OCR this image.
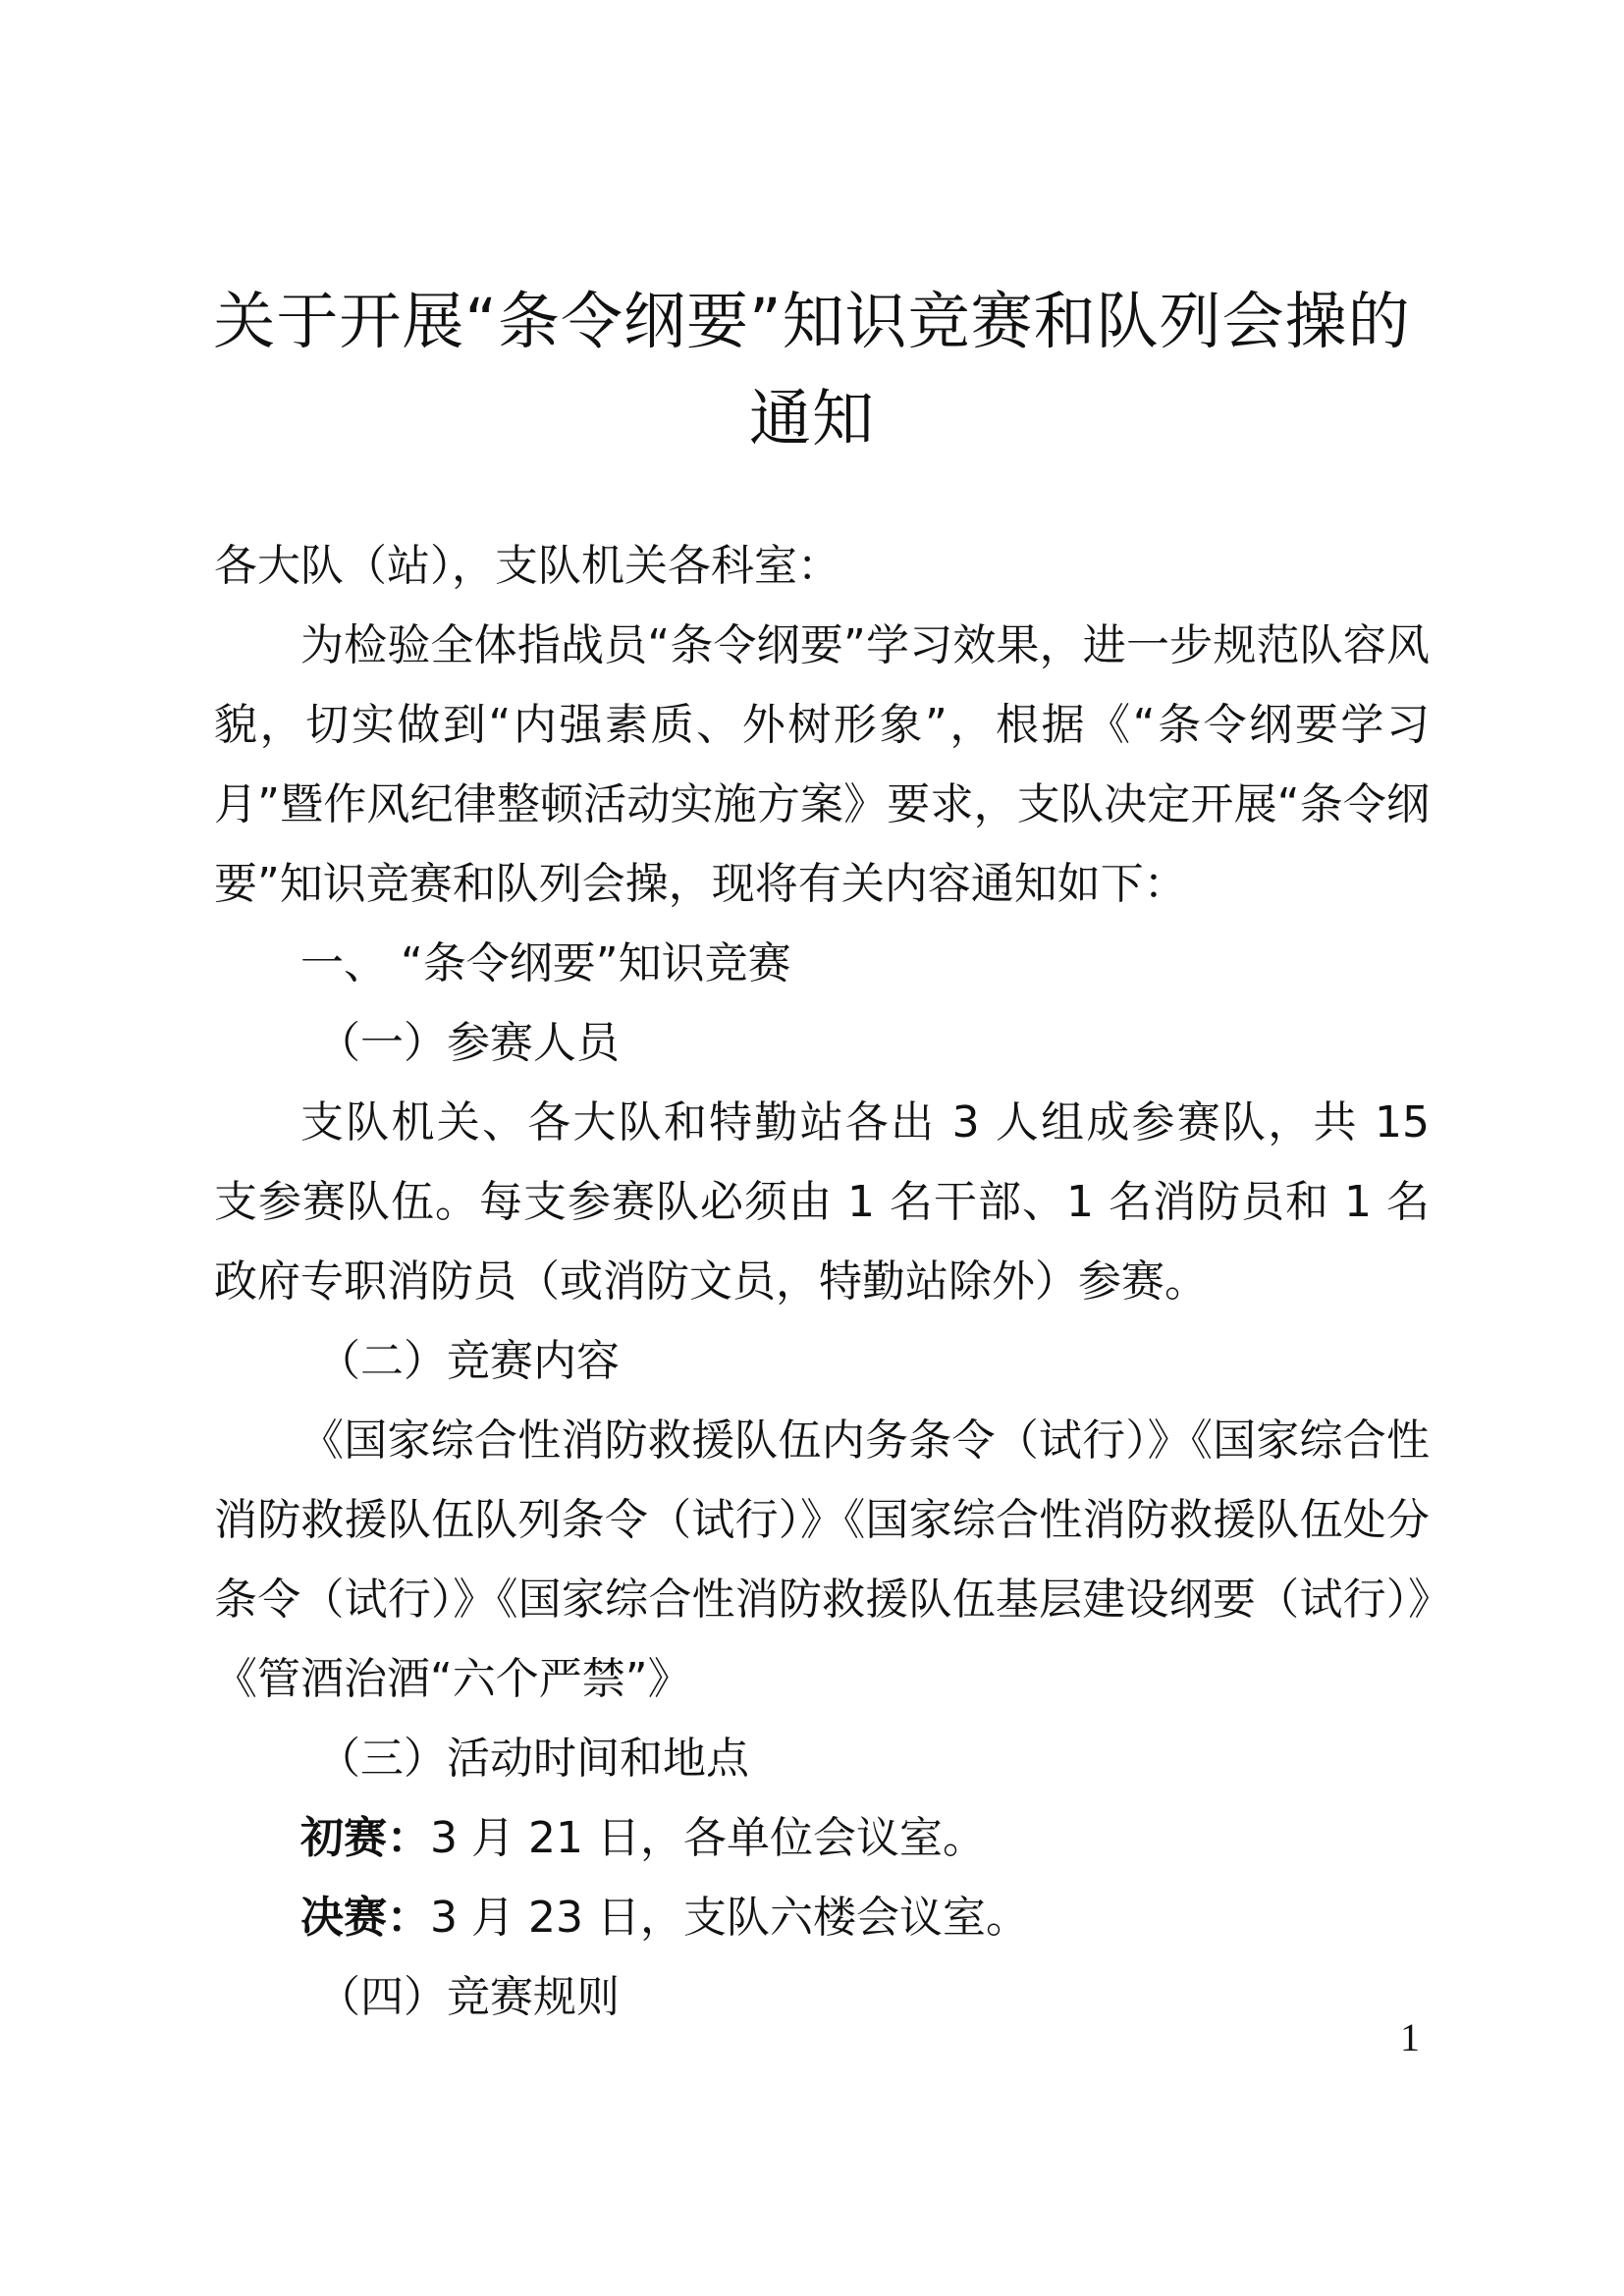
关于开展“条令纲要”知识竞赛和队列会操的
通知

各大队（站），支队机关各科室：

为检验全体指战员“条令纲要”学习效果，进一步规范队容风貌，切实做到“内强素质、外树形象”，根据《“条令纲要学习月”暨作风纪律整顿活动实施方案》要求，支队决定开展“条令纲要”知识竞赛和队列会操，现将有关内容通知如下：

一、 “条令纲要”知识竞赛

（一）参赛人员

支队机关、各大队和特勤站各出 3 人组成参赛队，共 15 支参赛队伍。每支参赛队必须由 1 名干部、1 名消防员和 1 名政府专职消防员（或消防文员，特勤站除外）参赛。

（二）竞赛内容

《国家综合性消防救援队伍内务条令（试行）》《国家综合性消防救援队伍队列条令（试行）》《国家综合性消防救援队伍处分条令（试行）》《国家综合性消防救援队伍基层建设纲要（试行）》《管酒治酒“六个严禁”》

（三）活动时间和地点

初赛：3 月 21 日，各单位会议室。

决赛：3 月 23 日，支队六楼会议室。

（四）竞赛规则

1
